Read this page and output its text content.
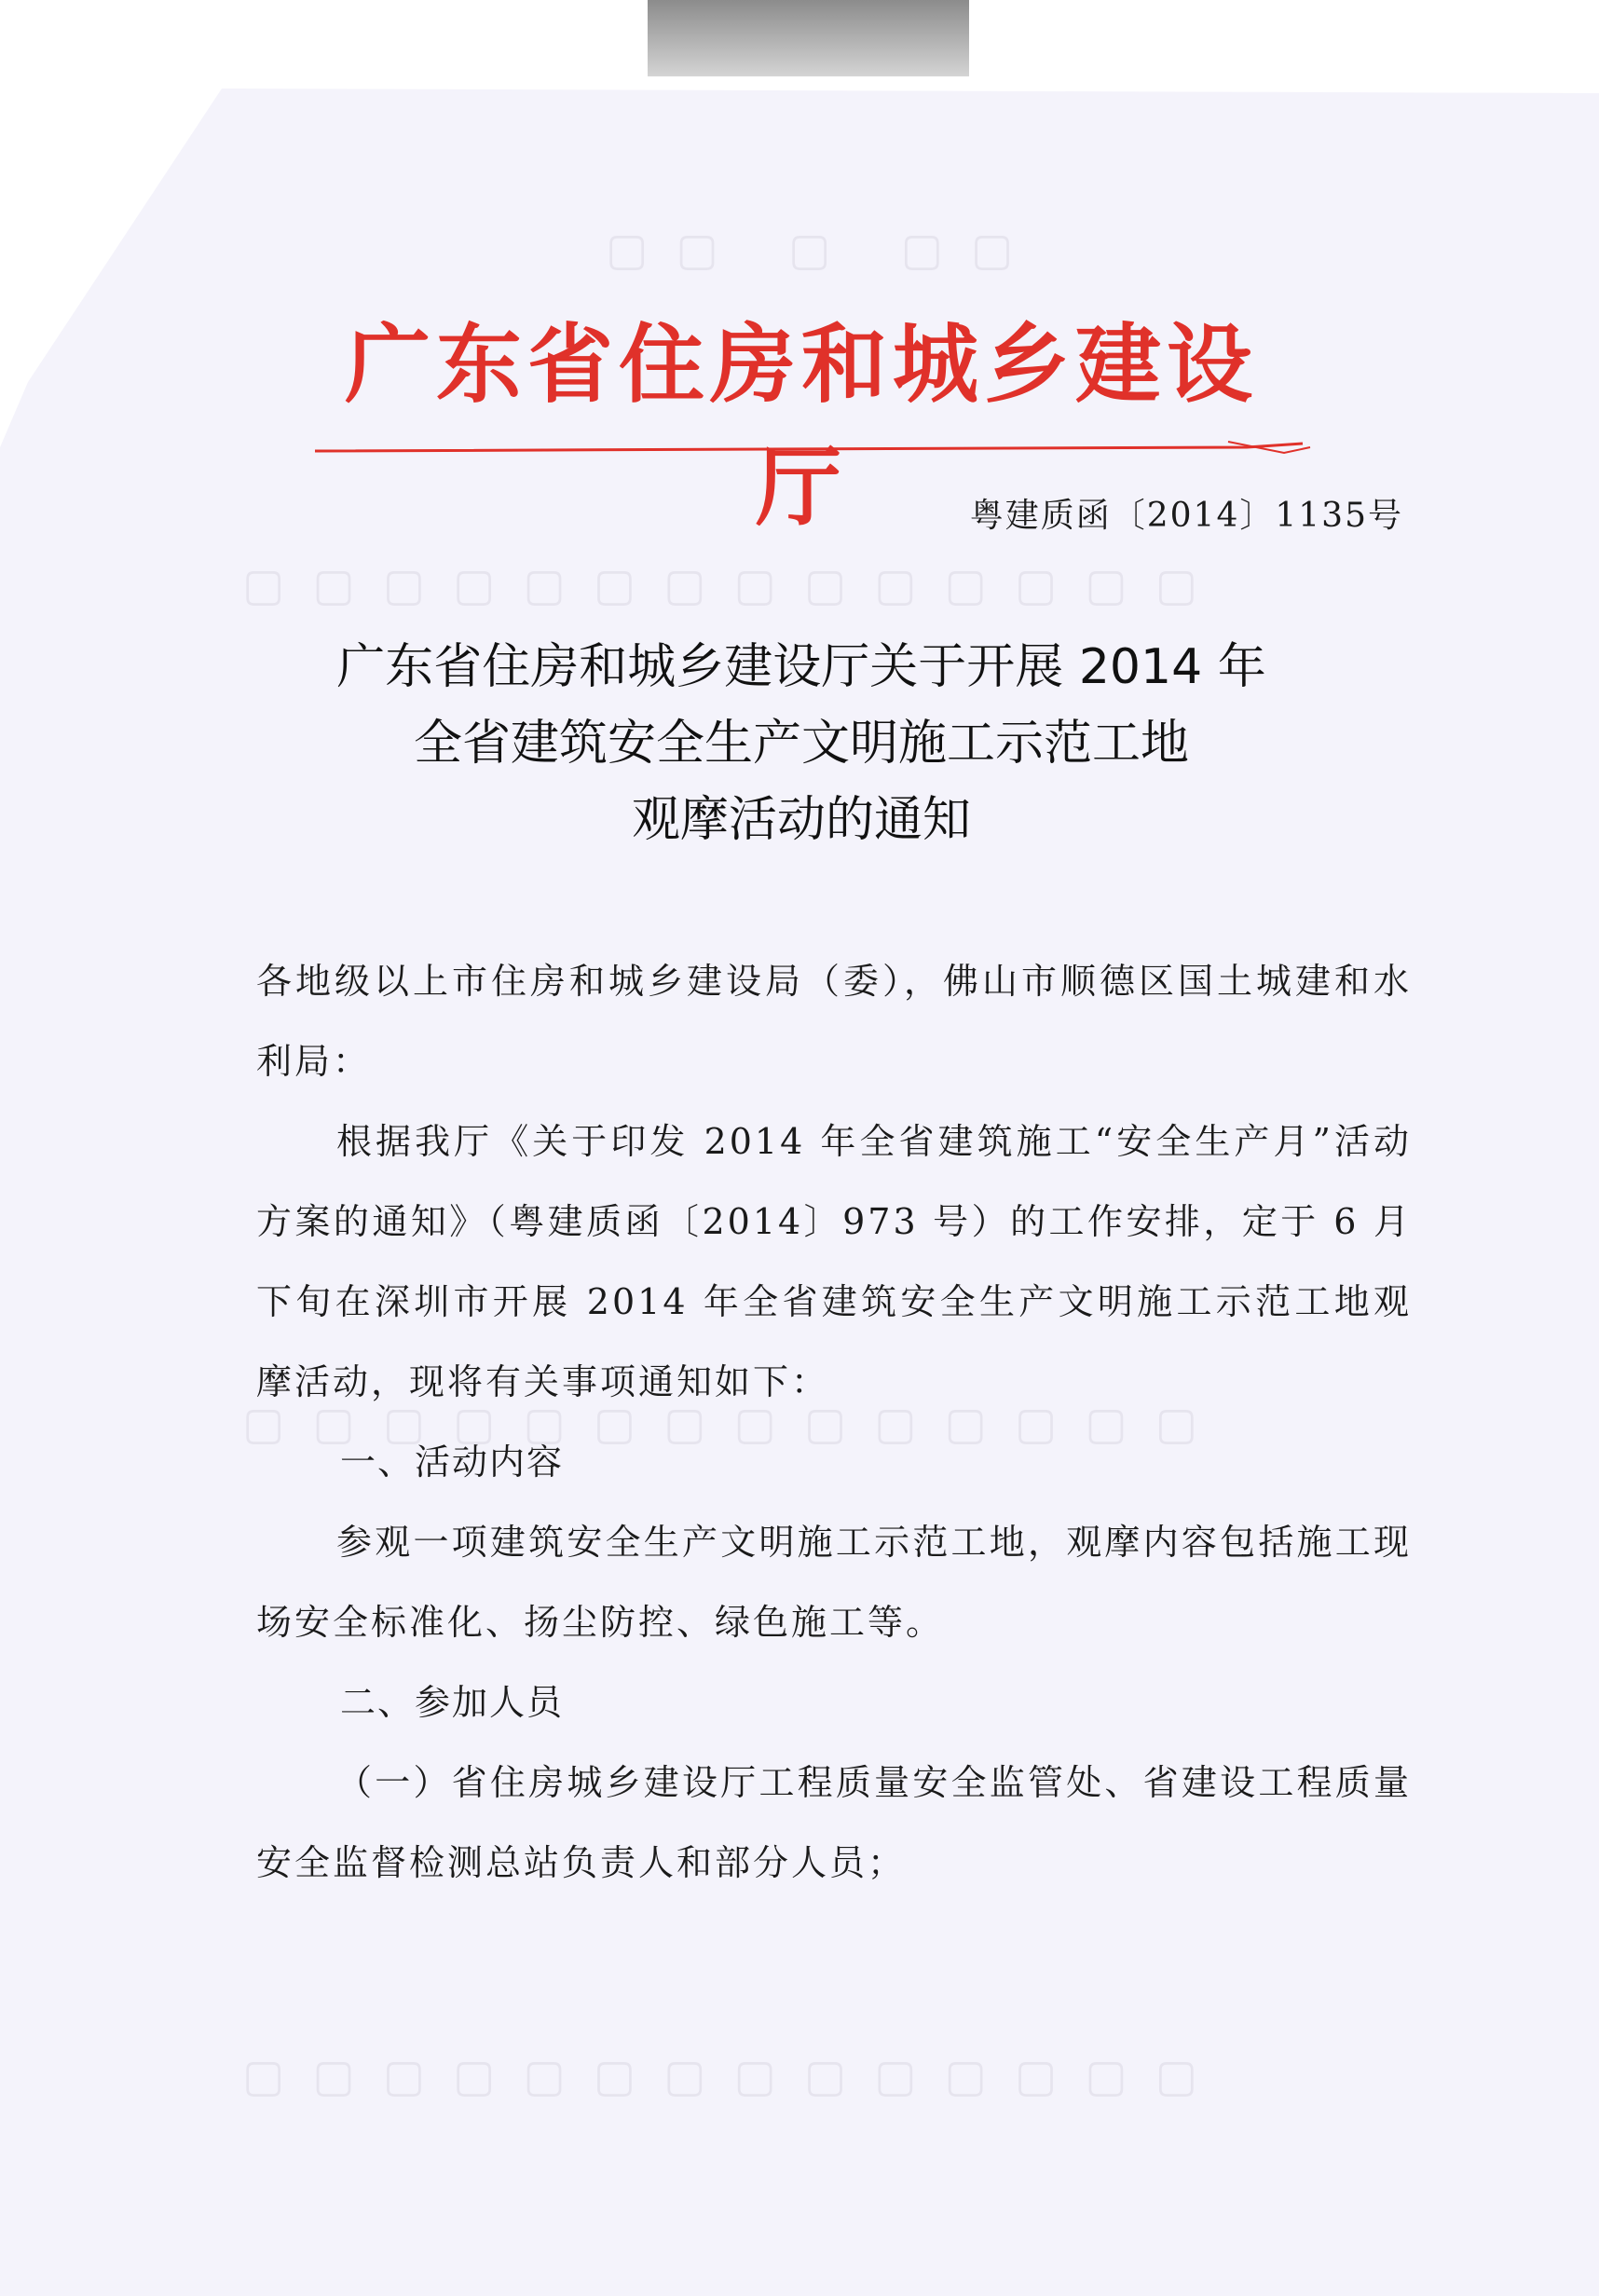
▢▢ ▢ ▢▢
▢▢▢▢▢▢▢▢▢▢▢▢▢▢
▢▢▢▢▢▢▢▢▢▢▢▢▢▢
▢▢▢▢▢▢▢▢▢▢▢▢▢▢
广东省住房和城乡建设厅	粤建质函〔2014〕1135号
广东省住房和城乡建设厅关于开展 2014 年
全省建筑安全生产文明施工示范工地
观摩活动的通知

各地级以上市住房和城乡建设局（委），佛山市顺德区国土城建和水利局：

根据我厅《关于印发 2014 年全省建筑施工“安全生产月”活动方案的通知》（粤建质函〔2014〕973 号）的工作安排，定于 6 月下旬在深圳市开展 2014 年全省建筑安全生产文明施工示范工地观摩活动，现将有关事项通知如下：

一、活动内容

参观一项建筑安全生产文明施工示范工地，观摩内容包括施工现场安全标准化、扬尘防控、绿色施工等。

二、参加人员

（一）省住房城乡建设厅工程质量安全监管处、省建设工程质量安全监督检测总站负责人和部分人员；
